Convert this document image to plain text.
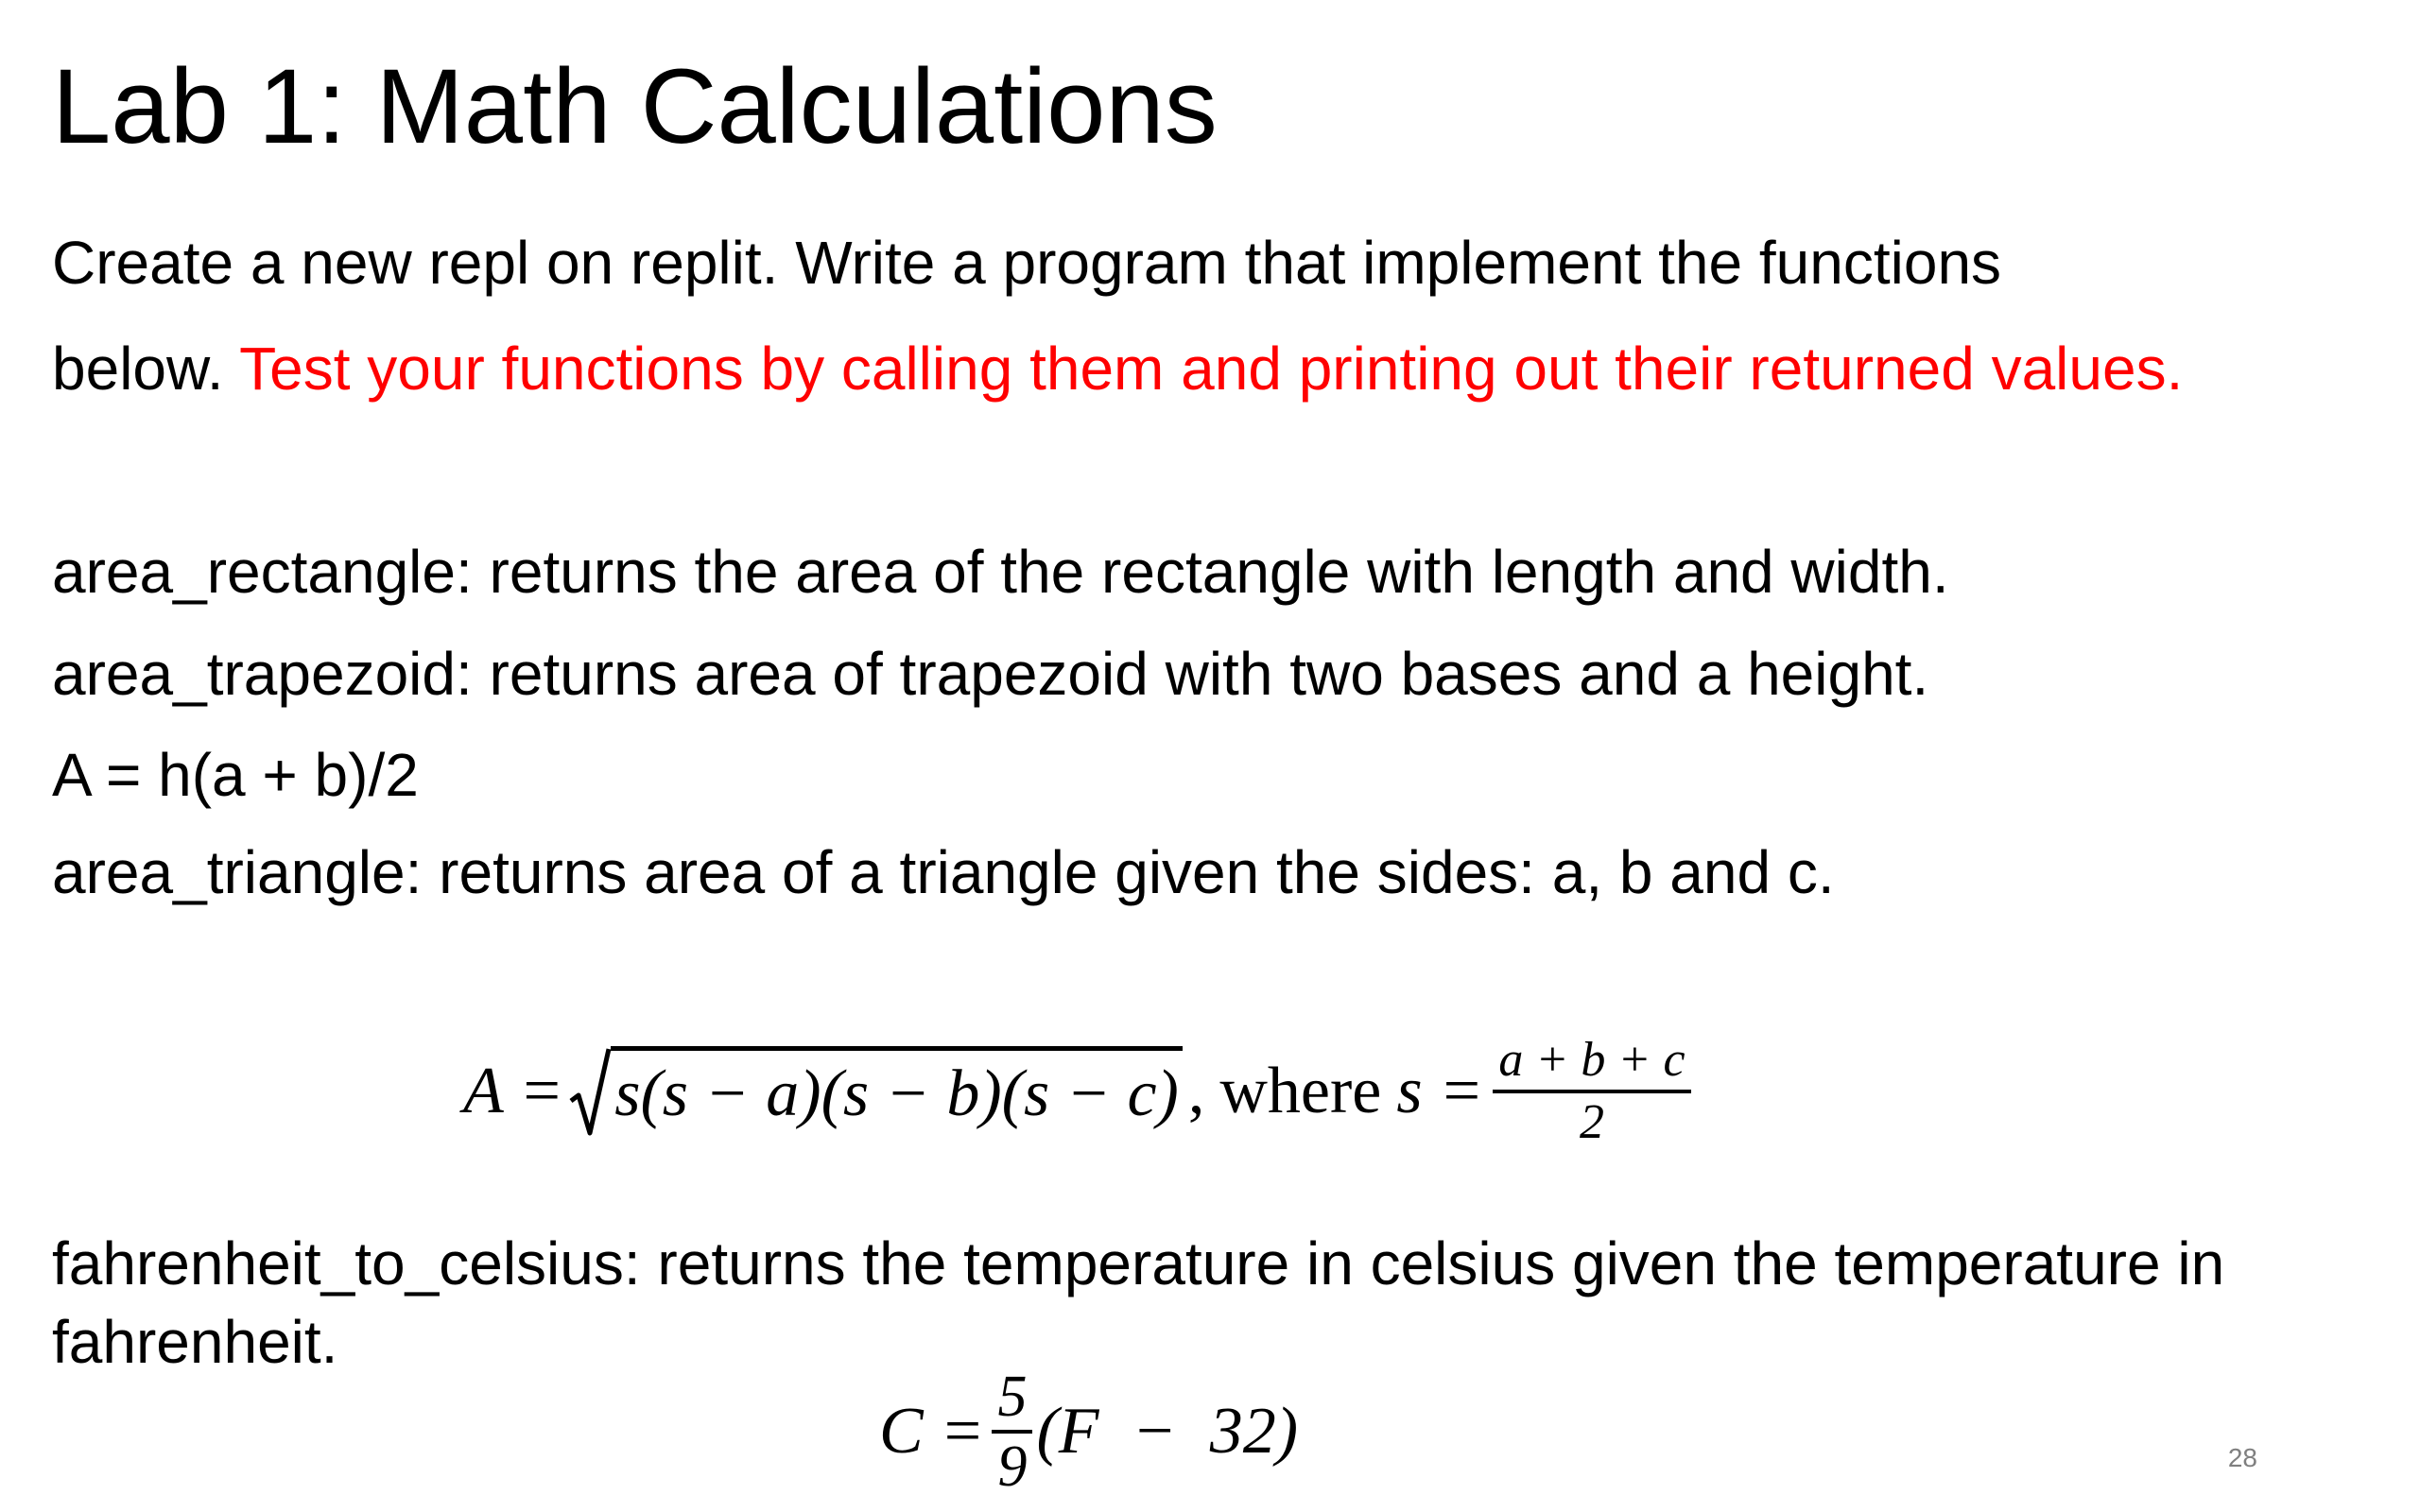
Lab 1: Math Calculations
Create a new repl on replit. Write a program that implement the functions
below. Test your functions by calling them and printing out their returned values.
area_rectangle: returns the area of the rectangle with length and width.
area_trapezoid: returns area of trapezoid with two bases and a height.
A = h(a + b)/2
area_triangle: returns area of a triangle given the sides: a, b and c.
A = s(s − a)(s − b)(s − c) , where $s = \frac{a + b + c}{2}$
fahrenheit_to_celsius: returns the temperature in celsius given the temperature in
fahrenheit.
$C = \frac{5}{9} (F - 32)$	28
